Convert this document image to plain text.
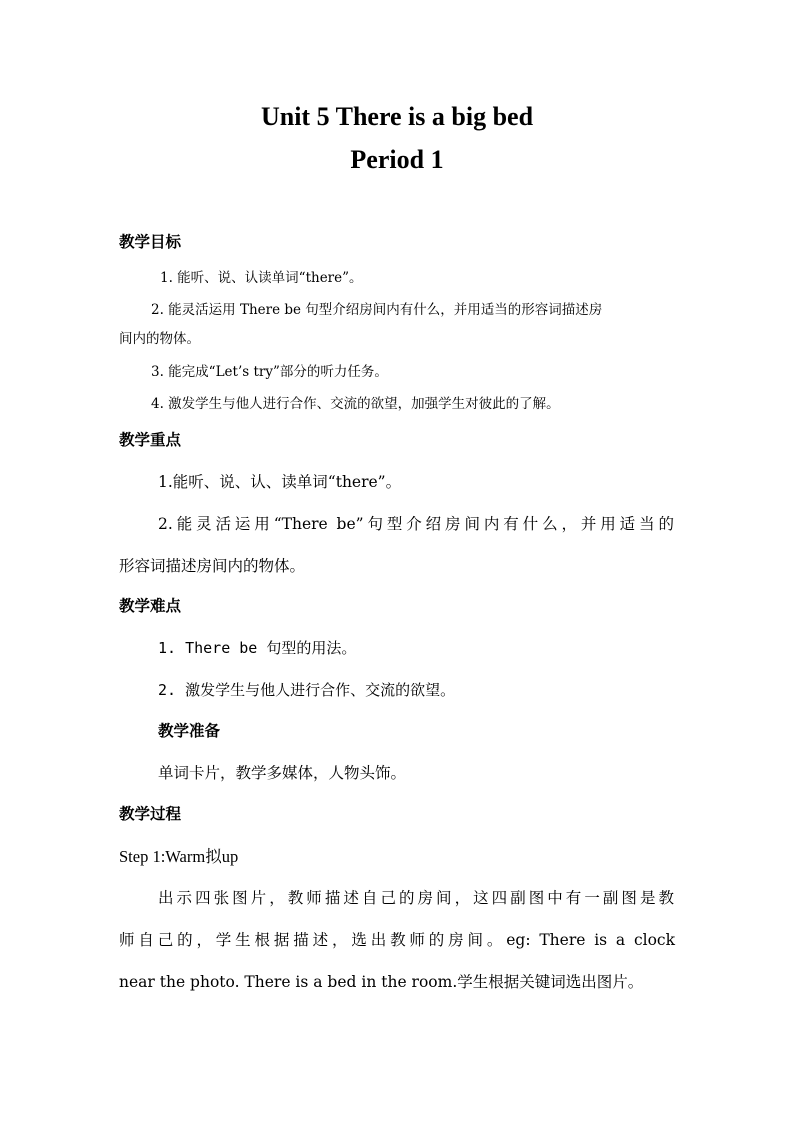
Unit 5 There is a big bed
Period 1
教学目标
1. 能听、说、认读单词“there”。
2. 能灵活运用 There be 句型介绍房间内有什么，并用适当的形容词描述房
间内的物体。
3. 能完成“Let’s try”部分的听力任务。
4. 激发学生与他人进行合作、交流的欲望，加强学生对彼此的了解。
教学重点
1.能听、说、认、读单词“there”。
2.能灵活运用“There be”句型介绍房间内有什么，并用适当的
形容词描述房间内的物体。
教学难点
1. There be 句型的用法。
2. 激发学生与他人进行合作、交流的欲望。
教学准备
单词卡片，教学多媒体，人物头饰。
教学过程
Step 1:Warm拟up
出示四张图片，教师描述自己的房间，这四副图中有一副图是教
师自己的，学生根据描述，选出教师的房间。eg: There is a clock
near the photo. There is a bed in the room.学生根据关键词选出图片。
